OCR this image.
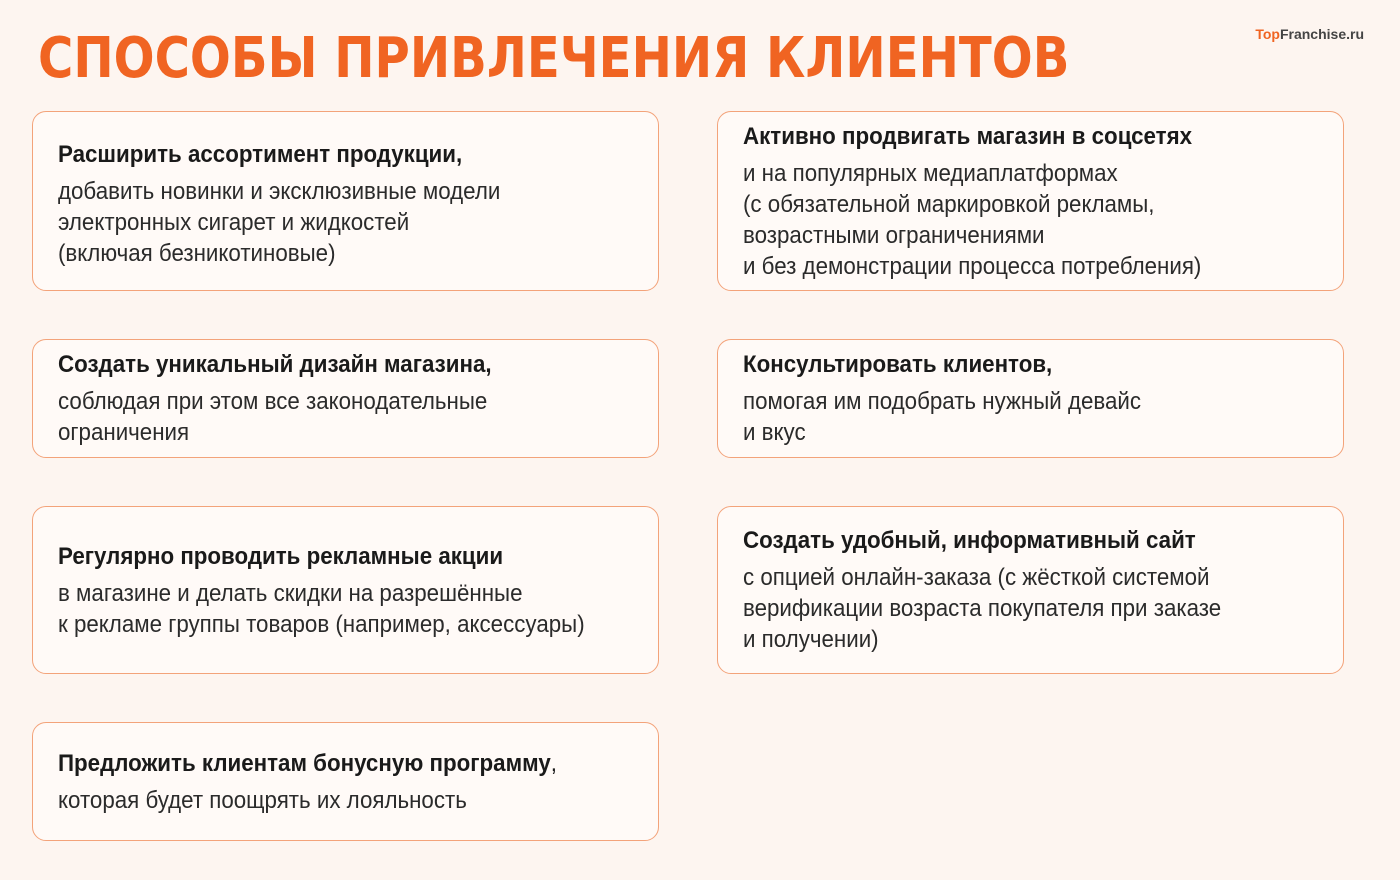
СПОСОБЫ ПРИВЛЕЧЕНИЯ КЛИЕНТОВ	TopFranchise.ru
Расширить ассортимент продукции,
добавить новинки и эксклюзивные модели
электронных сигарет и жидкостей
(включая безникотиновые)
Активно продвигать магазин в соцсетях
и на популярных медиаплатформах
(с обязательной маркировкой рекламы,
возрастными ограничениями
и без демонстрации процесса потребления)
Создать уникальный дизайн магазина,
соблюдая при этом все законодательные
ограничения
Консультировать клиентов,
помогая им подобрать нужный девайс
и вкус
Регулярно проводить рекламные акции
в магазине и делать скидки на разрешённые
к рекламе группы товаров (например, аксессуары)
Создать удобный, информативный сайт
с опцией онлайн-заказа (с жёсткой системой
верификации возраста покупателя при заказе
и получении)
Предложить клиентам бонусную программу,
которая будет поощрять их лояльность
